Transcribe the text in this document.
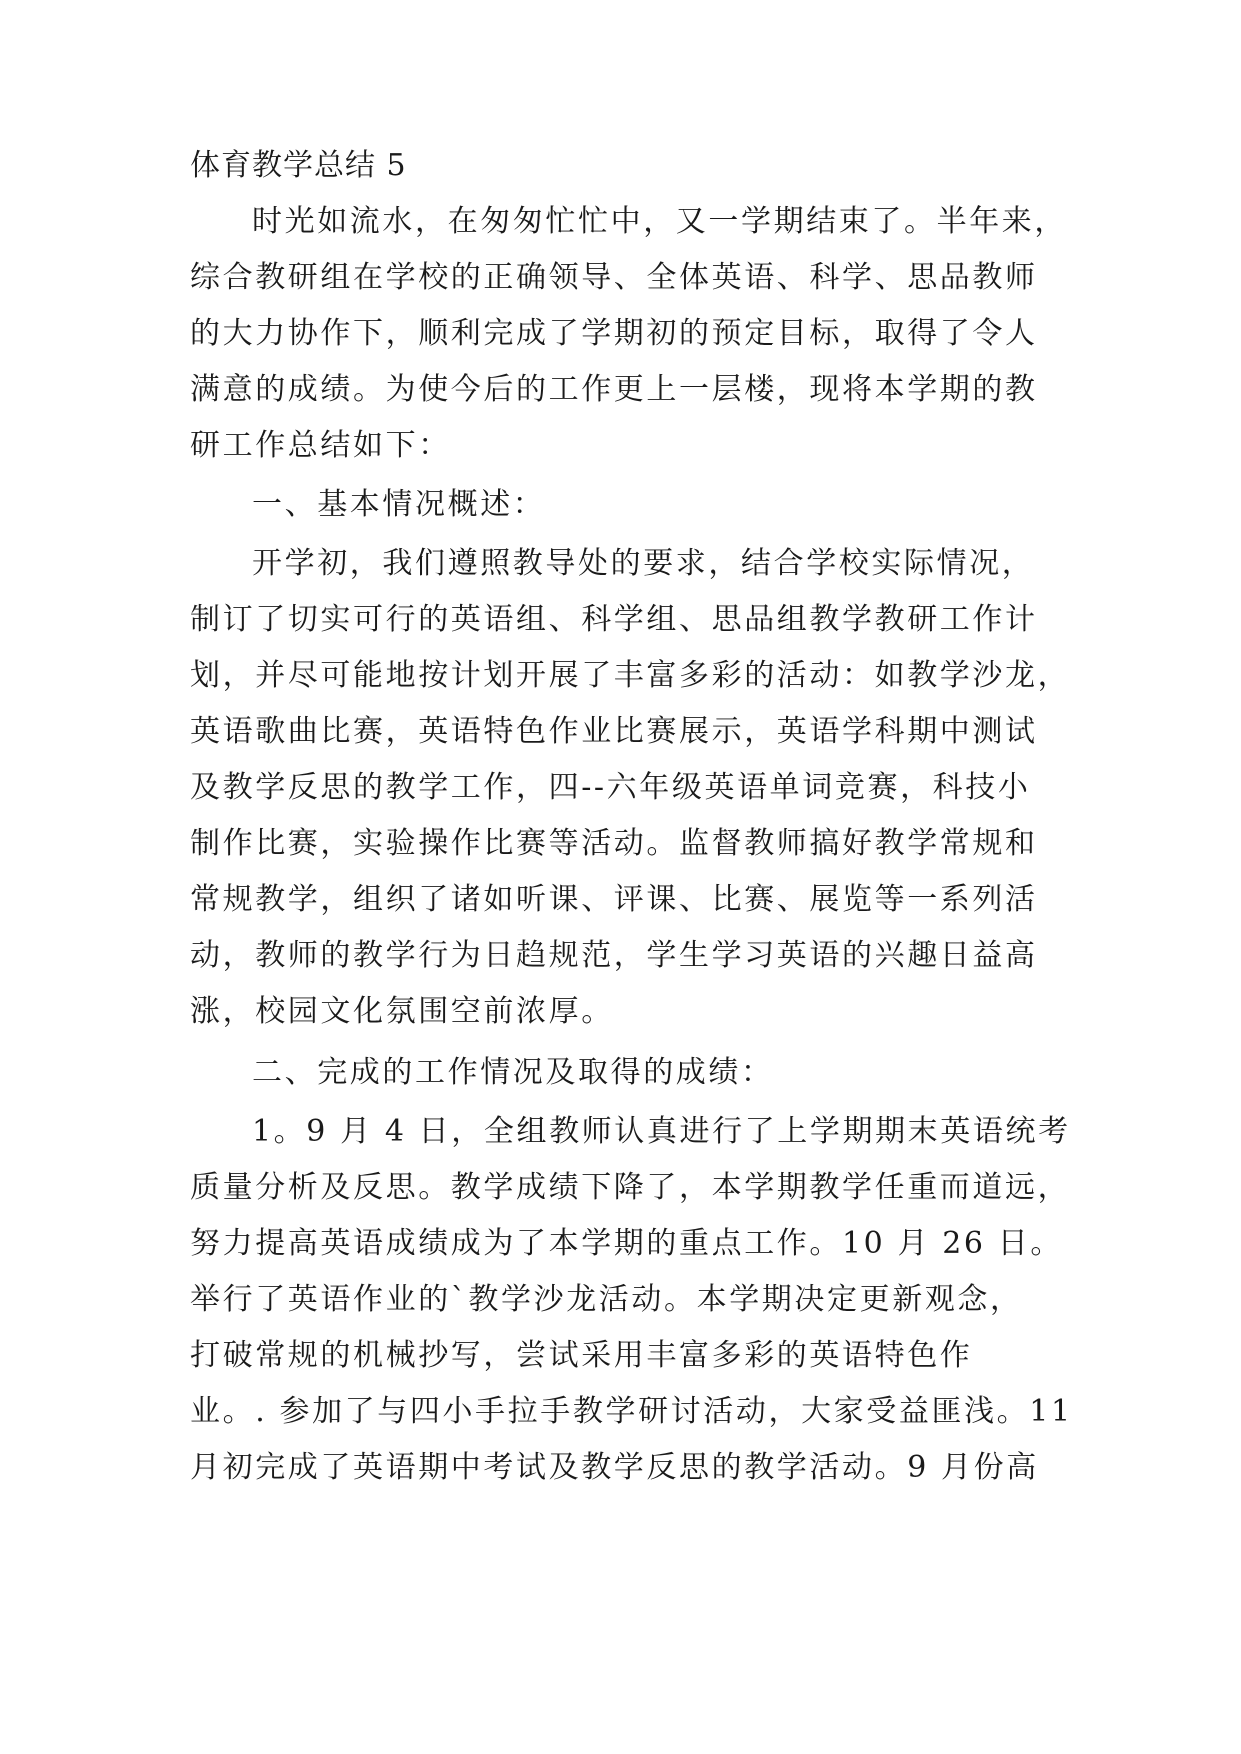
体育教学总结 5
时光如流水，在匆匆忙忙中，又一学期结束了。半年来，
综合教研组在学校的正确领导、全体英语、科学、思品教师
的大力协作下，顺利完成了学期初的预定目标，取得了令人
满意的成绩。为使今后的工作更上一层楼，现将本学期的教
研工作总结如下：
一、基本情况概述：
开学初，我们遵照教导处的要求，结合学校实际情况，
制订了切实可行的英语组、科学组、思品组教学教研工作计
划，并尽可能地按计划开展了丰富多彩的活动：如教学沙龙，
英语歌曲比赛，英语特色作业比赛展示，英语学科期中测试
及教学反思的教学工作，四--六年级英语单词竞赛，科技小
制作比赛，实验操作比赛等活动。监督教师搞好教学常规和
常规教学，组织了诸如听课、评课、比赛、展览等一系列活
动，教师的教学行为日趋规范，学生学习英语的兴趣日益高
涨，校园文化氛围空前浓厚。
二、完成的工作情况及取得的成绩：
1。9 月 4 日，全组教师认真进行了上学期期末英语统考
质量分析及反思。教学成绩下降了，本学期教学任重而道远，
努力提高英语成绩成为了本学期的重点工作。10 月 26 日。
举行了英语作业的`教学沙龙活动。本学期决定更新观念，
打破常规的机械抄写，尝试采用丰富多彩的英语特色作
业。. 参加了与四小手拉手教学研讨活动，大家受益匪浅。11
月初完成了英语期中考试及教学反思的教学活动。9 月份高
